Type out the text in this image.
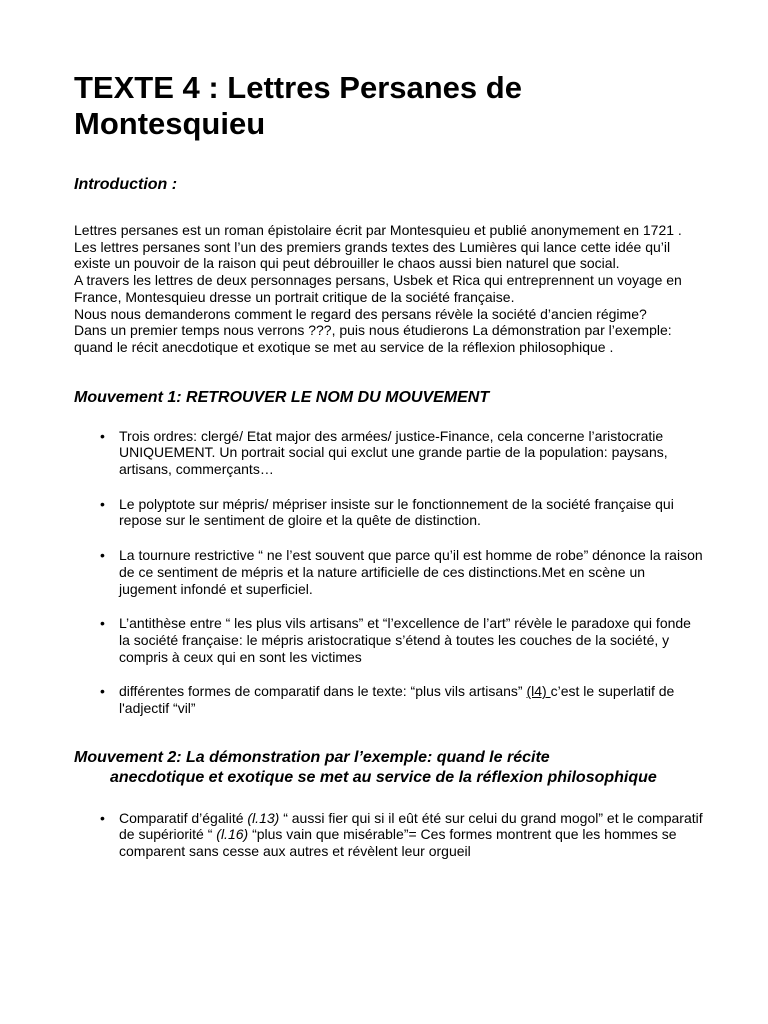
TEXTE 4 : Lettres Persanes de Montesquieu
Introduction :

Lettres persanes est un roman épistolaire écrit par Montesquieu et publié anonymement en 1721 .

Les lettres persanes sont l’un des premiers grands textes des Lumières qui lance cette idée qu’il existe un pouvoir de la raison qui peut débrouiller le chaos aussi bien naturel que social.

A travers les lettres de deux personnages persans, Usbek et Rica qui entreprennent un voyage en France, Montesquieu dresse un portrait critique de la société française.

Nous nous demanderons comment le regard des persans révèle la société d’ancien régime?

Dans un premier temps nous verrons ???, puis nous étudierons La démonstration par l’exemple: quand le récit anecdotique et exotique se met au service de la réflexion philosophique .

Mouvement 1: RETROUVER LE NOM DU MOUVEMENT
• Trois ordres: clergé/ Etat major des armées/ justice-Finance, cela concerne l’aristocratie UNIQUEMENT. Un portrait social qui exclut une grande partie de la population: paysans, artisans, commerçants…
• Le polyptote sur mépris/ mépriser insiste sur le fonctionnement de la société française qui repose sur le sentiment de gloire et la quête de distinction.
• La tournure restrictive “ ne l’est souvent que parce qu’il est homme de robe” dénonce la raison de ce sentiment de mépris et la nature artificielle de ces distinctions.Met en scène un jugement infondé et superficiel.
• L’antithèse entre “ les plus vils artisans” et “l’excellence de l’art” révèle le paradoxe qui fonde la société française: le mépris aristocratique s’étend à toutes les couches de la société, y compris à ceux qui en sont les victimes
• différentes formes de comparatif dans le texte: “plus vils artisans” (l4) c’est le superlatif de l'adjectif “vil”
Mouvement 2: La démonstration par l’exemple: quand le récite
anecdotique et exotique se met au service de la réflexion philosophique
• Comparatif d’égalité (l.13) “ aussi fier qui si il eût été sur celui du grand mogol” et le comparatif de supériorité “ (l.16) “plus vain que misérable”= Ces formes montrent que les hommes se comparent sans cesse aux autres et révèlent leur orgueil
